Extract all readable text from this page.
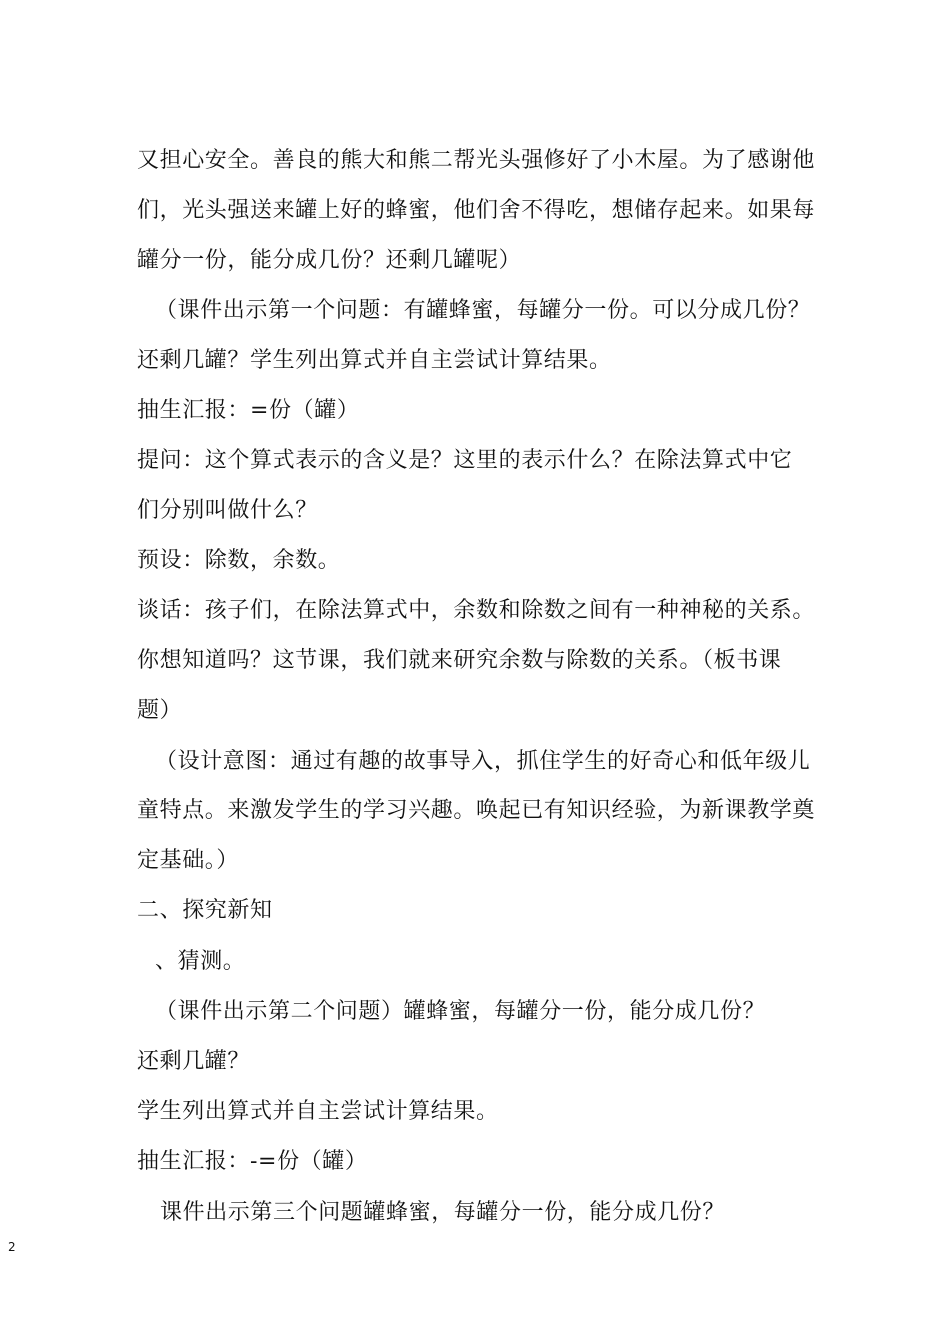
又担心安全。善良的熊大和熊二帮光头强修好了小木屋。为了感谢他

们，光头强送来罐上好的蜂蜜，他们舍不得吃，想储存起来。如果每

罐分一份，能分成几份？还剩几罐呢）

（课件出示第一个问题：有罐蜂蜜，每罐分一份。可以分成几份？

还剩几罐？学生列出算式并自主尝试计算结果。

抽生汇报：=份（罐）

提问：这个算式表示的含义是？这里的表示什么？在除法算式中它

们分别叫做什么？

预设：除数，余数。

谈话：孩子们，在除法算式中，余数和除数之间有一种神秘的关系。

你想知道吗？这节课，我们就来研究余数与除数的关系。（板书课

题）

（设计意图：通过有趣的故事导入，抓住学生的好奇心和低年级儿

童特点。来激发学生的学习兴趣。唤起已有知识经验，为新课教学奠

定基础。）

二、探究新知

、猜测。

（课件出示第二个问题）罐蜂蜜，每罐分一份，能分成几份？

还剩几罐？

学生列出算式并自主尝试计算结果。

抽生汇报：-=份（罐）

课件出示第三个问题罐蜂蜜，每罐分一份，能分成几份？

2
